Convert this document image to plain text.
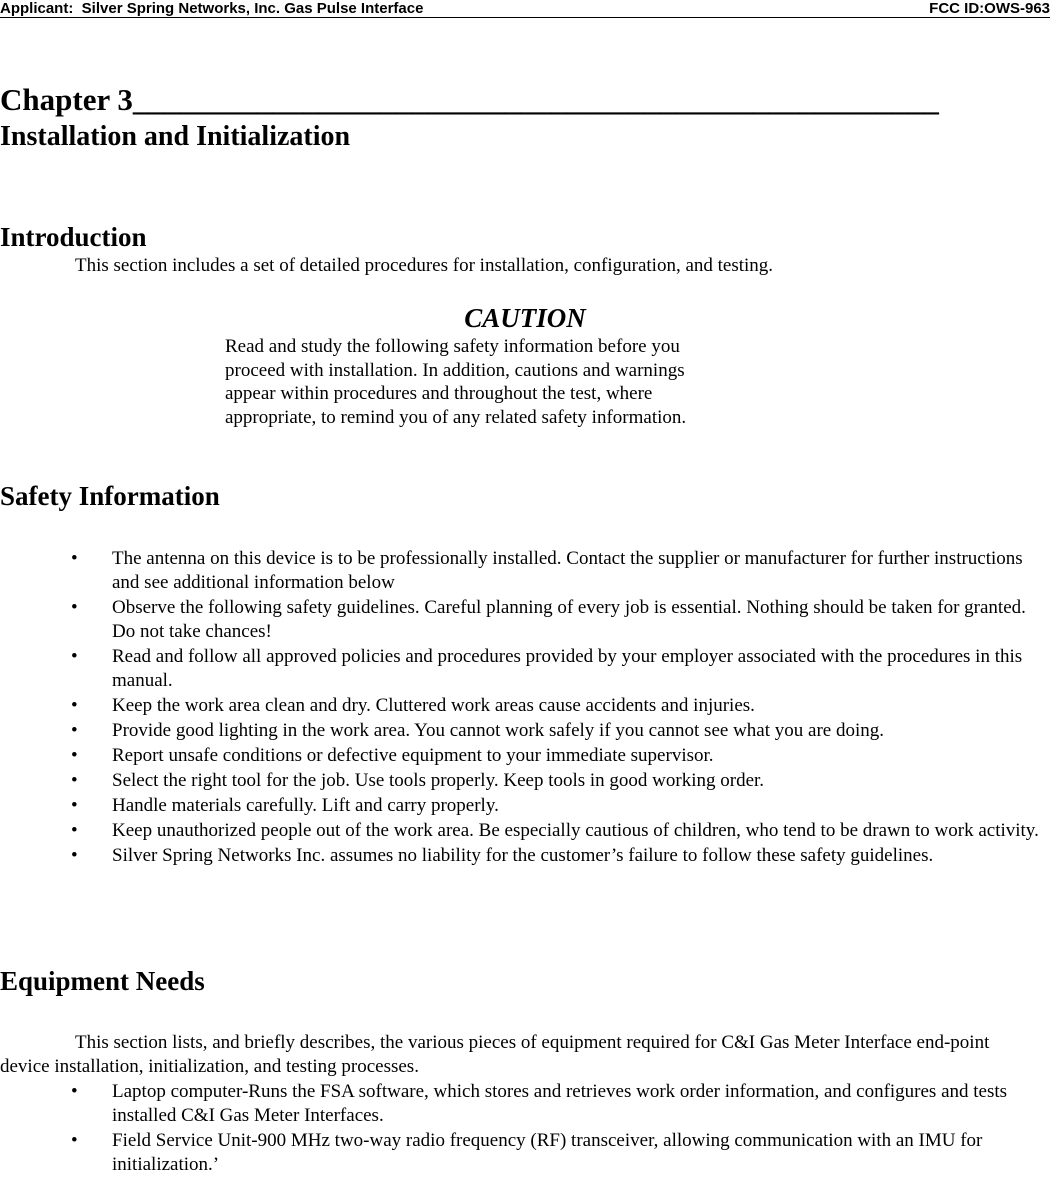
Applicant:  Silver Spring Networks, Inc. Gas Pulse Interface	FCC ID:OWS-963
Chapter 3____________________________________________________
Installation and Initialization
Introduction
This section includes a set of detailed procedures for installation, configuration, and testing.
CAUTION
Read and study the following safety information before you
proceed with installation. In addition, cautions and warnings
appear within procedures and throughout the test, where
appropriate, to remind you of any related safety information.
Safety Information
•	The antenna on this device is to be professionally installed. Contact the supplier or manufacturer for further instructions and see additional information below
•	Observe the following safety guidelines. Careful planning of every job is essential. Nothing should be taken for granted. Do not take chances!
•	Read and follow all approved policies and procedures provided by your employer associated with the procedures in this manual.
•	Keep the work area clean and dry. Cluttered work areas cause accidents and injuries.
•	Provide good lighting in the work area. You cannot work safely if you cannot see what you are doing.
•	Report unsafe conditions or defective equipment to your immediate supervisor.
•	Select the right tool for the job. Use tools properly. Keep tools in good working order.
•	Handle materials carefully. Lift and carry properly.
•	Keep unauthorized people out of the work area. Be especially cautious of children, who tend to be drawn to work activity.
•	Silver Spring Networks Inc. assumes no liability for the customer’s failure to follow these safety guidelines.
Equipment Needs
This section lists, and briefly describes, the various pieces of equipment required for C&I Gas Meter Interface end-point device installation, initialization, and testing processes.
•	Laptop computer-Runs the FSA software, which stores and retrieves work order information, and configures and tests installed C&I Gas Meter Interfaces.
•	Field Service Unit-900 MHz two-way radio frequency (RF) transceiver, allowing communication with an IMU for initialization.’
